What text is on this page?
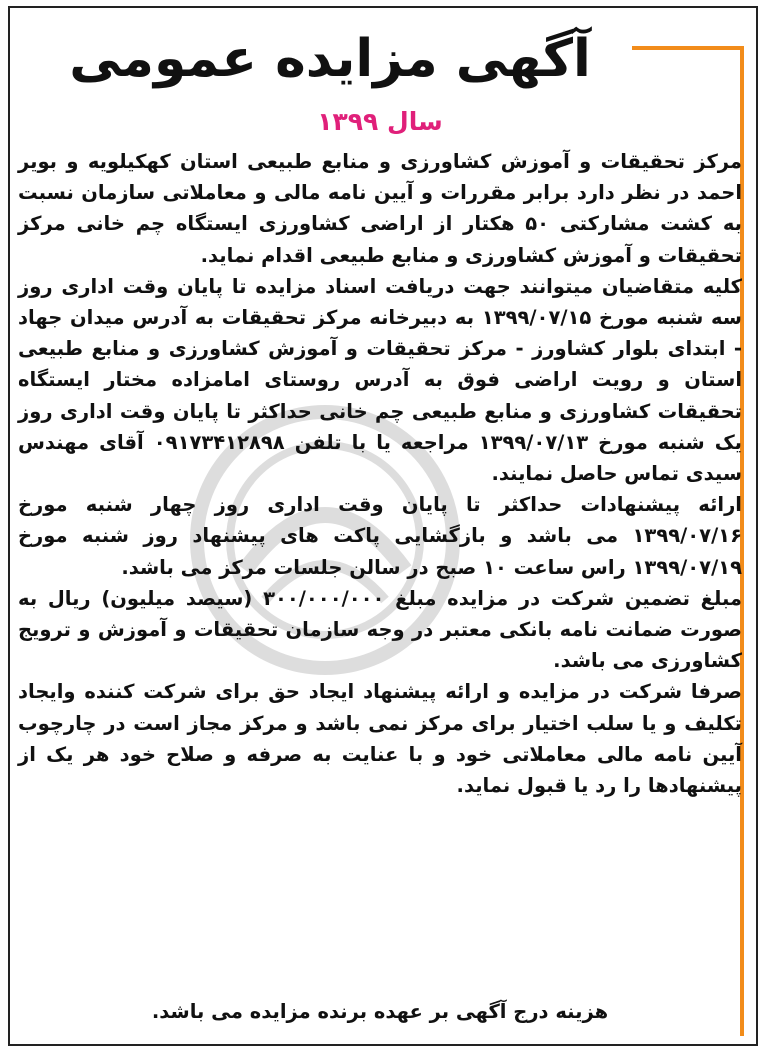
آگهی مزایده عمومی
سال ۱۳۹۹

مرکز تحقیقات و آموزش کشاورزی و منابع طبیعی استان کهکیلویه و بویر احمد در نظر دارد برابر مقررات و آیین نامه مالی و معاملاتی سازمان نسبت به کشت مشارکتی ۵۰ هکتار از اراضی کشاورزی ایستگاه چم خانی مرکز تحقیقات و آموزش کشاورزی و منابع طبیعی اقدام نماید.

کلیه متقاضیان میتوانند جهت دریافت اسناد مزایده تا پایان وقت اداری روز سه شنبه مورخ ۱۳۹۹/۰۷/۱۵ به دبیرخانه مرکز تحقیقات به آدرس میدان جهاد - ابتدای بلوار کشاورز - مرکز تحقیقات و آموزش کشاورزی و منابع طبیعی استان و رویت اراضی فوق به آدرس روستای امامزاده مختار ایستگاه تحقیقات کشاورزی و منابع طبیعی چم خانی حداکثر تا پایان وقت اداری روز یک شنبه مورخ ۱۳۹۹/۰۷/۱۳ مراجعه یا با تلفن ۰۹۱۷۳۴۱۲۸۹۸ آقای مهندس سیدی تماس حاصل نمایند.

ارائه پیشنهادات حداکثر تا پایان وقت اداری روز چهار شنبه مورخ ۱۳۹۹/۰۷/۱۶ می باشد و بازگشایی پاکت های پیشنهاد روز شنبه مورخ ۱۳۹۹/۰۷/۱۹ راس ساعت ۱۰ صبح در سالن جلسات مرکز می باشد.

مبلغ تضمین شرکت در مزایده مبلغ ۳۰۰/۰۰۰/۰۰۰ (سیصد میلیون) ریال به صورت ضمانت نامه بانکی معتبر در وجه سازمان تحقیقات و آموزش و ترویج کشاورزی می باشد.

صرفا شرکت در مزایده و ارائه پیشنهاد ایجاد حق برای شرکت کننده وایجاد تکلیف و یا سلب اختیار برای مرکز نمی باشد و مرکز مجاز است در چارچوب آیین نامه مالی معاملاتی خود و با عنایت به صرفه و صلاح خود هر یک از پیشنهادها را رد یا قبول نماید.

هزینه درج آگهی بر عهده برنده مزایده می باشد.
